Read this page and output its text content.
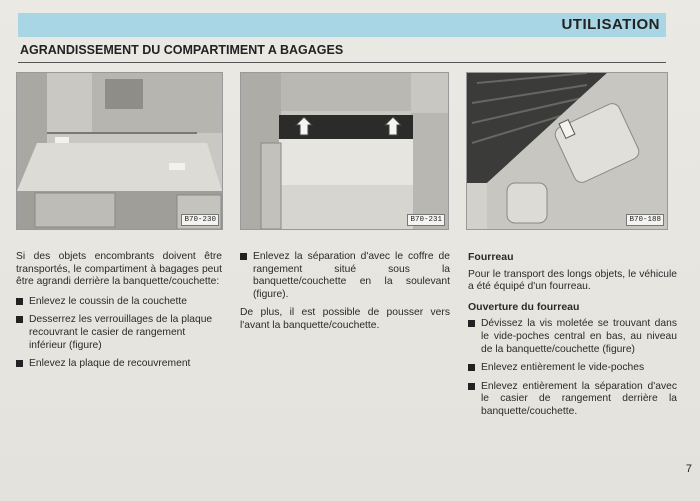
UTILISATION
AGRANDISSEMENT DU COMPARTIMENT A BAGAGES
B70-230	B70-231	B70-188

Si des objets encombrants doivent être transportés, le compartiment à bagages peut être agrandi derrière la banquette/couchette:

Enlevez le coussin de la couchette
Desserrez les verrouillages de la plaque recouvrant le casier de rangement inférieur (figure)
Enlevez la plaque de recouvrement
Enlevez la séparation d'avec le coffre de rangement situé sous la banquette/couchette en la soulevant (figure).

De plus, il est possible de pousser vers l'avant la banquette/couchette.

Fourreau

Pour le transport des longs objets, le véhicule a été équipé d'un fourreau.

Ouverture du fourreau
Dévissez la vis moletée se trouvant dans le vide-poches central en bas, au niveau de la banquette/couchette (figure)
Enlevez entièrement le vide-poches
Enlevez entièrement la séparation d'avec le casier de rangement derrière la banquette/couchette.
7
